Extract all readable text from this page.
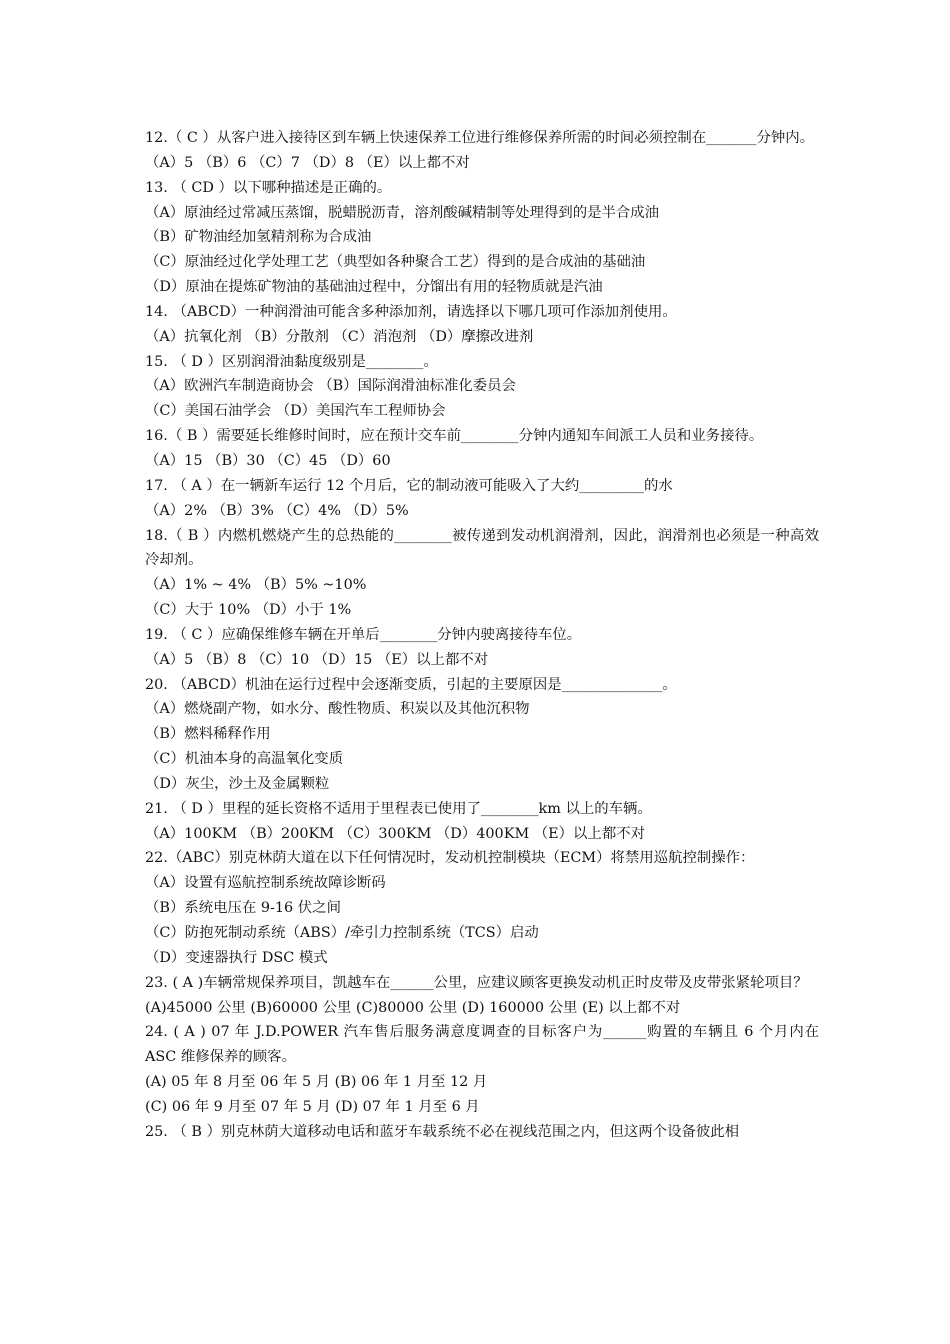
12.（ C ）从客户进入接待区到车辆上快速保养工位进行维修保养所需的时间必须控制在_______分钟内。
（A）5 （B）6 （C）7 （D）8 （E）以上都不对
13. （ CD ）以下哪种描述是正确的。
（A）原油经过常减压蒸馏，脱蜡脱沥青，溶剂酸碱精制等处理得到的是半合成油
（B）矿物油经加氢精剂称为合成油
（C）原油经过化学处理工艺（典型如各种聚合工艺）得到的是合成油的基础油
（D）原油在提炼矿物油的基础油过程中，分馏出有用的轻物质就是汽油
14. （ABCD）一种润滑油可能含多种添加剂，请选择以下哪几项可作添加剂使用。
（A）抗氧化剂 （B）分散剂 （C）消泡剂 （D）摩擦改进剂
15. （ D ）区别润滑油黏度级别是________。
（A）欧洲汽车制造商协会 （B）国际润滑油标准化委员会
（C）美国石油学会 （D）美国汽车工程师协会
16.（ B ）需要延长维修时间时，应在预计交车前________分钟内通知车间派工人员和业务接待。
（A）15 （B）30 （C）45 （D）60
17. （ A ）在一辆新车运行 12 个月后，它的制动液可能吸入了大约_________的水
（A）2% （B）3% （C）4% （D）5%
18.（ B ）内燃机燃烧产生的总热能的________被传递到发动机润滑剂，因此，润滑剂也必须是一种高效冷却剂。
（A）1% ~ 4% （B）5% ~10%
（C）大于 10% （D）小于 1%
19. （ C ）应确保维修车辆在开单后________分钟内驶离接待车位。
（A）5 （B）8 （C）10 （D）15 （E）以上都不对
20. （ABCD）机油在运行过程中会逐渐变质，引起的主要原因是______________。
（A）燃烧副产物，如水分、酸性物质、积炭以及其他沉积物
（B）燃料稀释作用
（C）机油本身的高温氧化变质
（D）灰尘，沙土及金属颗粒
21. （ D ）里程的延长资格不适用于里程表已使用了________km 以上的车辆。
（A）100KM （B）200KM （C）300KM （D）400KM （E）以上都不对
22.（ABC）别克林荫大道在以下任何情况时，发动机控制模块（ECM）将禁用巡航控制操作：
（A）设置有巡航控制系统故障诊断码
（B）系统电压在 9-16 伏之间
（C）防抱死制动系统（ABS）/牵引力控制系统（TCS）启动
（D）变速器执行 DSC 模式
23. ( A )车辆常规保养项目，凯越车在______公里，应建议顾客更换发动机正时皮带及皮带张紧轮项目？
(A)45000 公里 (B)60000 公里 (C)80000 公里 (D) 160000 公里 (E) 以上都不对
24. ( A ) 07 年 J.D.POWER 汽车售后服务满意度调查的目标客户为______购置的车辆且 6 个月内在 ASC 维修保养的顾客。
(A) 05 年 8 月至 06 年 5 月 (B) 06 年 1 月至 12 月
(C) 06 年 9 月至 07 年 5 月 (D) 07 年 1 月至 6 月
25. （ B ）别克林荫大道移动电话和蓝牙车载系统不必在视线范围之内，但这两个设备彼此相
